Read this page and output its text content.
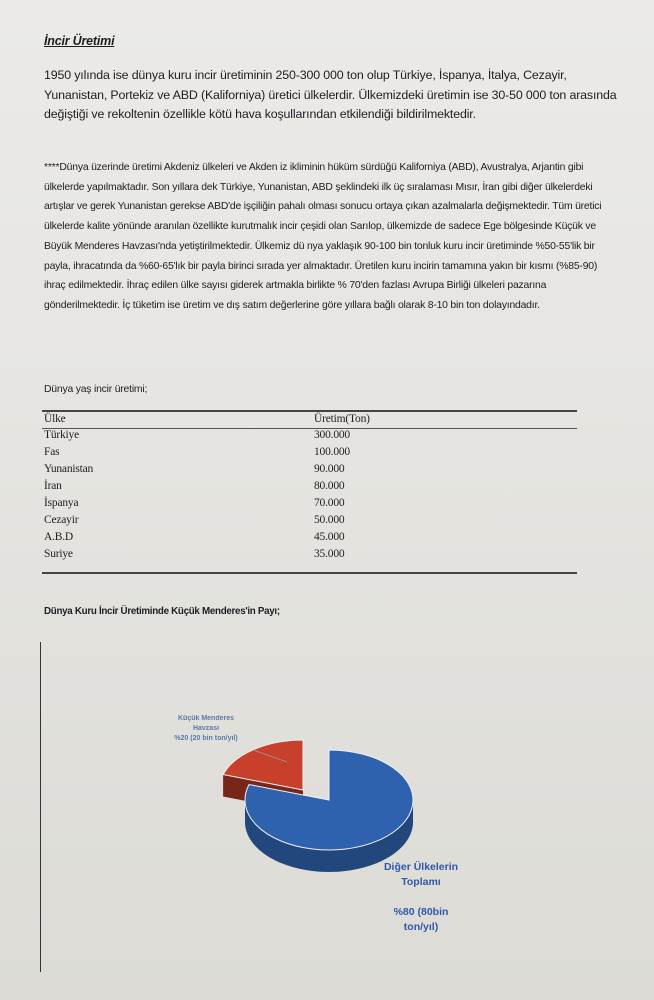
İncir Üretimi
1950 yılında ise dünya kuru incir üretiminin 250-300 000 ton olup Türkiye, İspanya, İtalya, Cezayir, Yunanistan, Portekiz ve ABD (Kaliforniya) üretici ülkelerdir. Ülkemizdeki üretimin ise 30-50 000 ton arasında değiştiği ve rekoltenin özellikle kötü hava koşullarından etkilendiği bildirilmektedir.
****Dünya üzerinde üretimi Akdeniz ülkeleri ve Akden iz ikliminin hüküm sürdüğü Kaliforniya (ABD), Avustralya, Arjantin gibi ülkelerde yapılmaktadır. Son yıllara dek Türkiye, Yunanistan, ABD şeklindeki ilk üç sıralaması Mısır, İran gibi diğer ülkelerdeki artışlar ve gerek Yunanistan gerekse ABD'de işçiliğin pahalı olması sonucu ortaya çıkan azalmalarla değişmektedir. Tüm üretici ülkelerde kalite yönünde aranılan özellikte kurutmalık incir çeşidi olan Sarılop, ülkemizde de sadece Ege bölgesinde Küçük ve Büyük Menderes Havzası'nda yetiştirilmektedir. Ülkemiz dü nya yaklaşık 90-100 bin tonluk kuru incir üretiminde %50-55'lik bir payla, ihracatında da %60-65'lık bir payla birinci sırada yer almaktadır. Üretilen kuru incirin tamamına yakın bir kısmı (%85-90) ihraç edilmektedir. İhraç edilen ülke sayısı giderek artmakla birlikte % 70'den fazlası Avrupa Birliği ülkeleri pazarına gönderilmektedir. İç tüketim ise üretim ve dış satım değerlerine göre yıllara bağlı olarak 8-10 bin ton dolayındadır.
Dünya yaş incir üretimi;
Ülke	Üretim(Ton)
Türkiye	300.000
Fas	100.000
Yunanistan	90.000
İran	80.000
İspanya	70.000
Cezayir	50.000
A.B.D	45.000
Suriye	35.000
Dünya Kuru İncir Üretiminde Küçük Menderes'in Payı;
Küçük Menderes
Havzası
%20 (20 bin ton/yıl)
Diğer Ülkelerin
Toplamı
%80 (80bin
ton/yıl)
